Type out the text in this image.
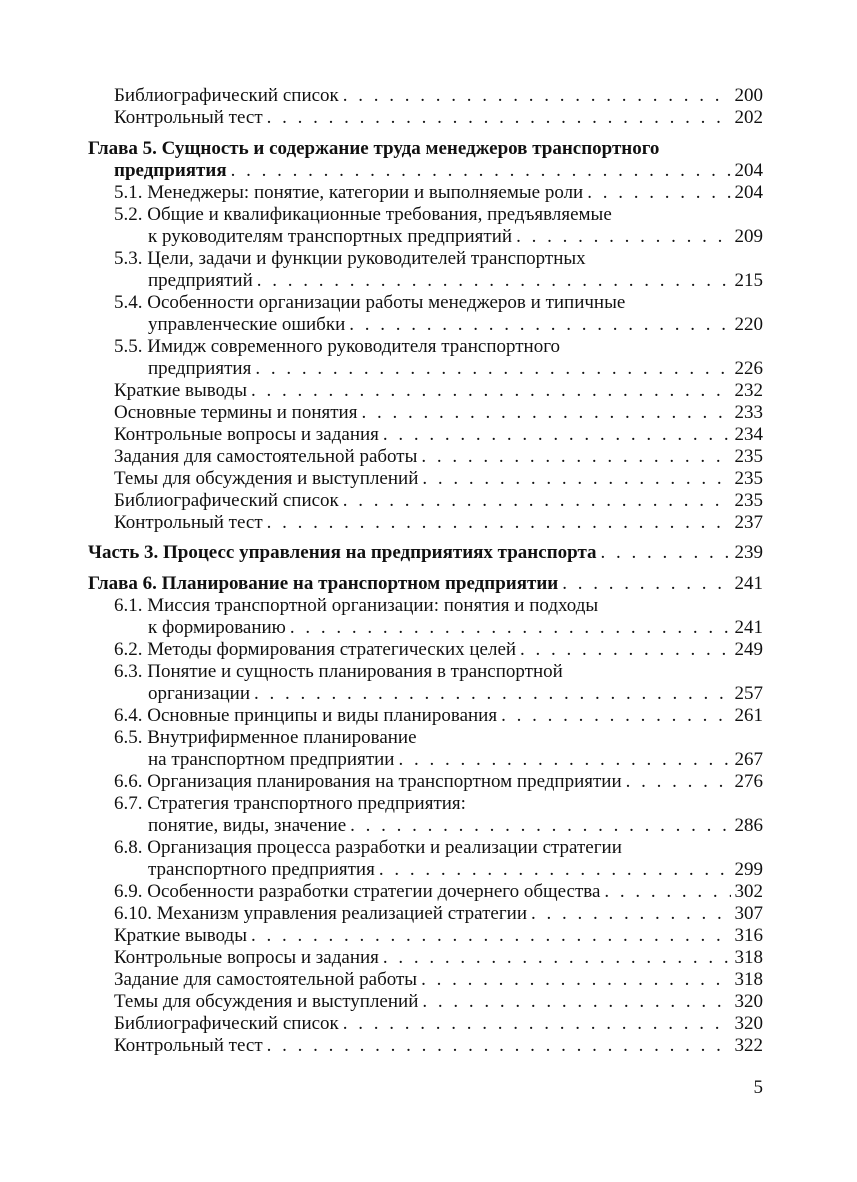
Библиографический список . . .	200
Контрольный тест . . .	202
Глава 5. Сущность и содержание труда менеджеров транспортного
предприятия . . .	204
5.1. Менеджеры: понятие, категории и выполняемые роли . . .	204
5.2. Общие и квалификационные требования, предъявляемые
к руководителям транспортных предприятий . . .	209
5.3. Цели, задачи и функции руководителей транспортных
предприятий . . .	215
5.4. Особенности организации работы менеджеров и типичные
управленческие ошибки . . .	220
5.5. Имидж современного руководителя транспортного
предприятия . . .	226
Краткие выводы . . .	232
Основные термины и понятия . . .	233
Контрольные вопросы и задания . . .	234
Задания для самостоятельной работы . . .	235
Темы для обсуждения и выступлений . . .	235
Библиографический список . . .	235
Контрольный тест . . .	237
Часть 3. Процесс управления на предприятиях транспорта . . .	239
Глава 6. Планирование на транспортном предприятии . . .	241
6.1. Миссия транспортной организации: понятия и подходы
к формированию . . .	241
6.2. Методы формирования стратегических целей . . .	249
6.3. Понятие и сущность планирования в транспортной
организации . . .	257
6.4. Основные принципы и виды планирования . . .	261
6.5. Внутрифирменное планирование
на транспортном предприятии . . .	267
6.6. Организация планирования на транспортном предприятии . . .	276
6.7. Стратегия транспортного предприятия:
понятие, виды, значение . . .	286
6.8. Организация процесса разработки и реализации стратегии
транспортного предприятия . . .	299
6.9. Особенности разработки стратегии дочернего общества . . .	302
6.10. Механизм управления реализацией стратегии . . .	307
Краткие выводы . . .	316
Контрольные вопросы и задания . . .	318
Задание для самостоятельной работы . . .	318
Темы для обсуждения и выступлений . . .	320
Библиографический список . . .	320
Контрольный тест . . .	322
5
